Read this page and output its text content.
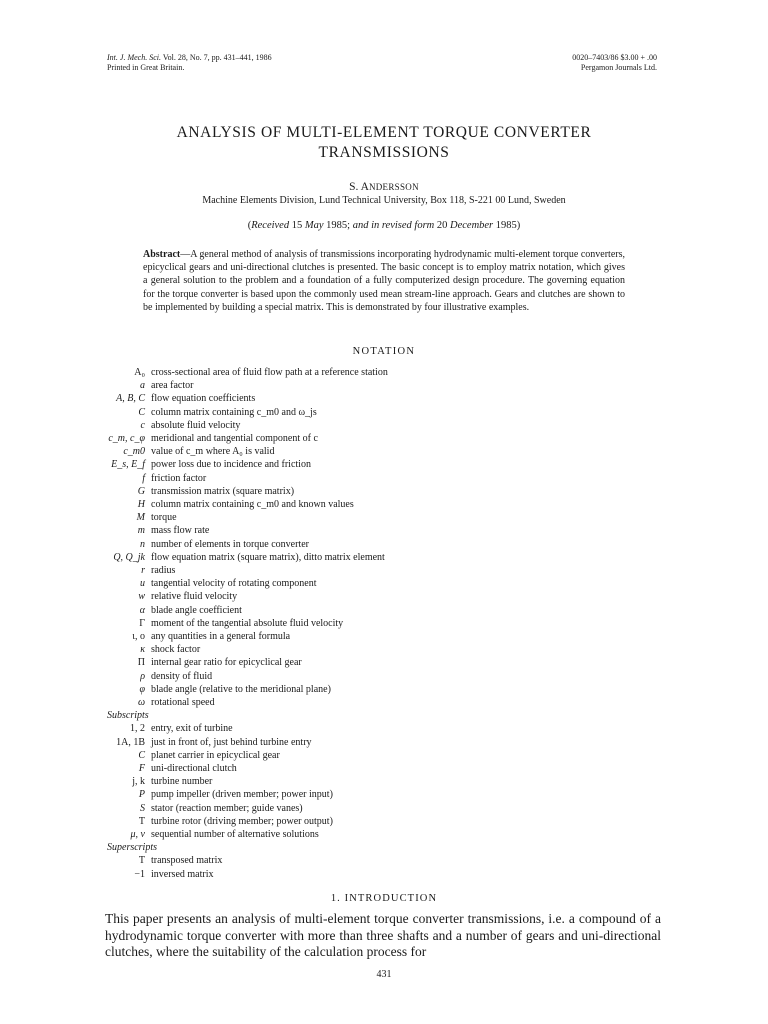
Int. J. Mech. Sci. Vol. 28, No. 7, pp. 431–441, 1986
Printed in Great Britain.
0020–7403/86 $3.00 + .00
Pergamon Journals Ltd.
ANALYSIS OF MULTI-ELEMENT TORQUE CONVERTER
TRANSMISSIONS
S. ANDERSSON
Machine Elements Division, Lund Technical University, Box 118, S-221 00 Lund, Sweden
(Received 15 May 1985; and in revised form 20 December 1985)
Abstract—A general method of analysis of transmissions incorporating hydrodynamic multi-element torque converters, epicyclical gears and uni-directional clutches is presented. The basic concept is to employ matrix notation, which gives a general solution to the problem and a foundation of a fully computerized design procedure. The governing equation for the torque converter is based upon the commonly used mean stream-line approach. Gears and clutches are shown to be implemented by building a special matrix. This is demonstrated by four illustrative examples.
NOTATION
A₀ cross-sectional area of fluid flow path at a reference station
a area factor
A, B, C flow equation coefficients
C column matrix containing c_m0 and ω_js
c absolute fluid velocity
c_m, c_φ meridional and tangential component of c
c_m0 value of c_m where A₀ is valid
E_s, E_f power loss due to incidence and friction
f friction factor
G transmission matrix (square matrix)
H column matrix containing c_m0 and known values
M torque
m mass flow rate
n number of elements in torque converter
Q, Q_jk flow equation matrix (square matrix), ditto matrix element
r radius
u tangential velocity of rotating component
w relative fluid velocity
α blade angle coefficient
Γ moment of the tangential absolute fluid velocity
ι, ο any quantities in a general formula
κ shock factor
Π internal gear ratio for epicyclical gear
ρ density of fluid
φ blade angle (relative to the meridional plane)
ω rotational speed
Subscripts
1, 2 entry, exit of turbine
1A, 1B just in front of, just behind turbine entry
C planet carrier in epicyclical gear
F uni-directional clutch
j, k turbine number
P pump impeller (driven member; power input)
S stator (reaction member; guide vanes)
T turbine rotor (driving member; power output)
μ, ν sequential number of alternative solutions
Superscripts
T transposed matrix
−1 inversed matrix
1. INTRODUCTION
This paper presents an analysis of multi-element torque converter transmissions, i.e. a compound of a hydrodynamic torque converter with more than three shafts and a number of gears and uni-directional clutches, where the suitability of the calculation process for
431
